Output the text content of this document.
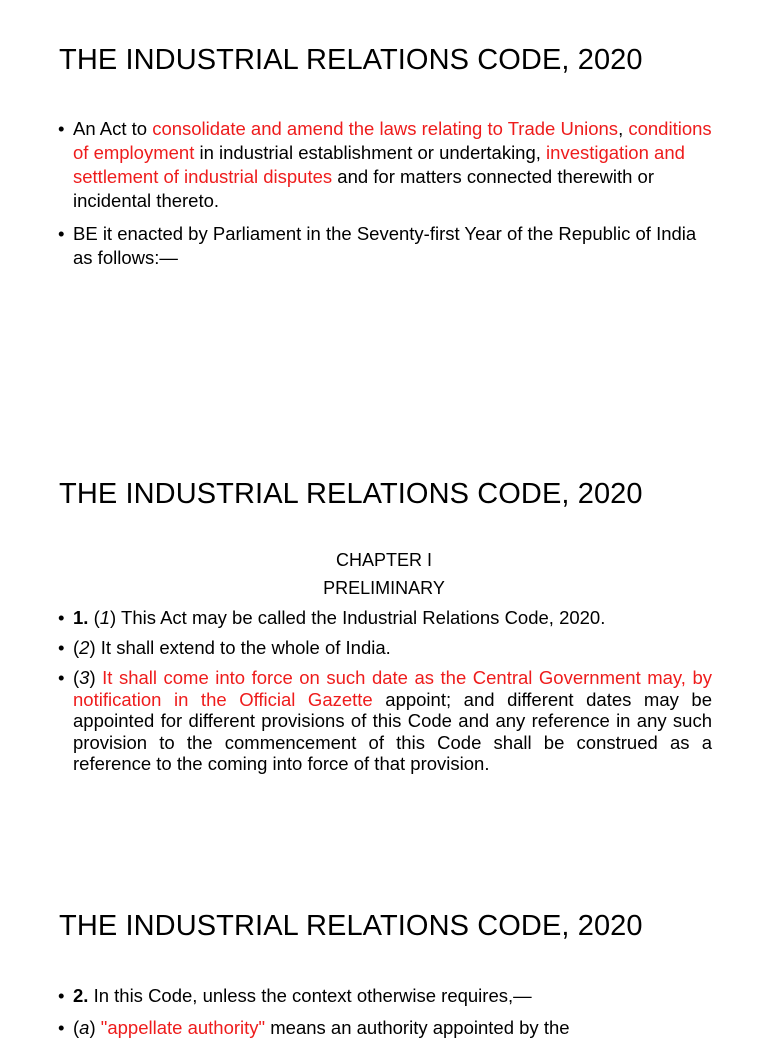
THE INDUSTRIAL RELATIONS CODE, 2020
• An Act to consolidate and amend the laws relating to Trade Unions, conditions of employment in industrial establishment or undertaking, investigation and settlement of industrial disputes and for matters connected therewith or incidental thereto.
• BE it enacted by Parliament in the Seventy-first Year of the Republic of India as follows:—
THE INDUSTRIAL RELATIONS CODE, 2020
CHAPTER I
PRELIMINARY
• 1. (1) This Act may be called the Industrial Relations Code, 2020.
• (2) It shall extend to the whole of India.
• (3) It shall come into force on such date as the Central Government may, by notification in the Official Gazette appoint; and different dates may be appointed for different provisions of this Code and any reference in any such provision to the commencement of this Code shall be construed as a reference to the coming into force of that provision.
THE INDUSTRIAL RELATIONS CODE, 2020
• 2. In this Code, unless the context otherwise requires,—
• (a) "appellate authority" means an authority appointed by the
